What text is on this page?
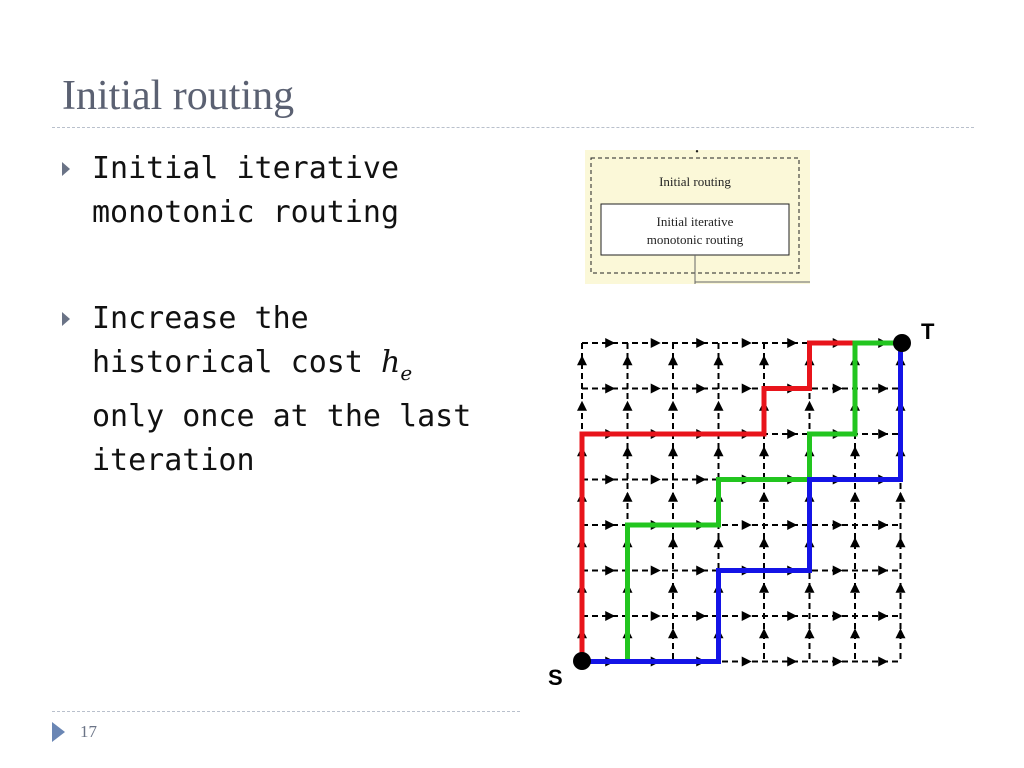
Initial routing
Initial iterative monotonic routing
Increase the historical cost $h_e$ only once at the last iteration
•
Initial routing
Initial iterative
monotonic routing
S
T
17
